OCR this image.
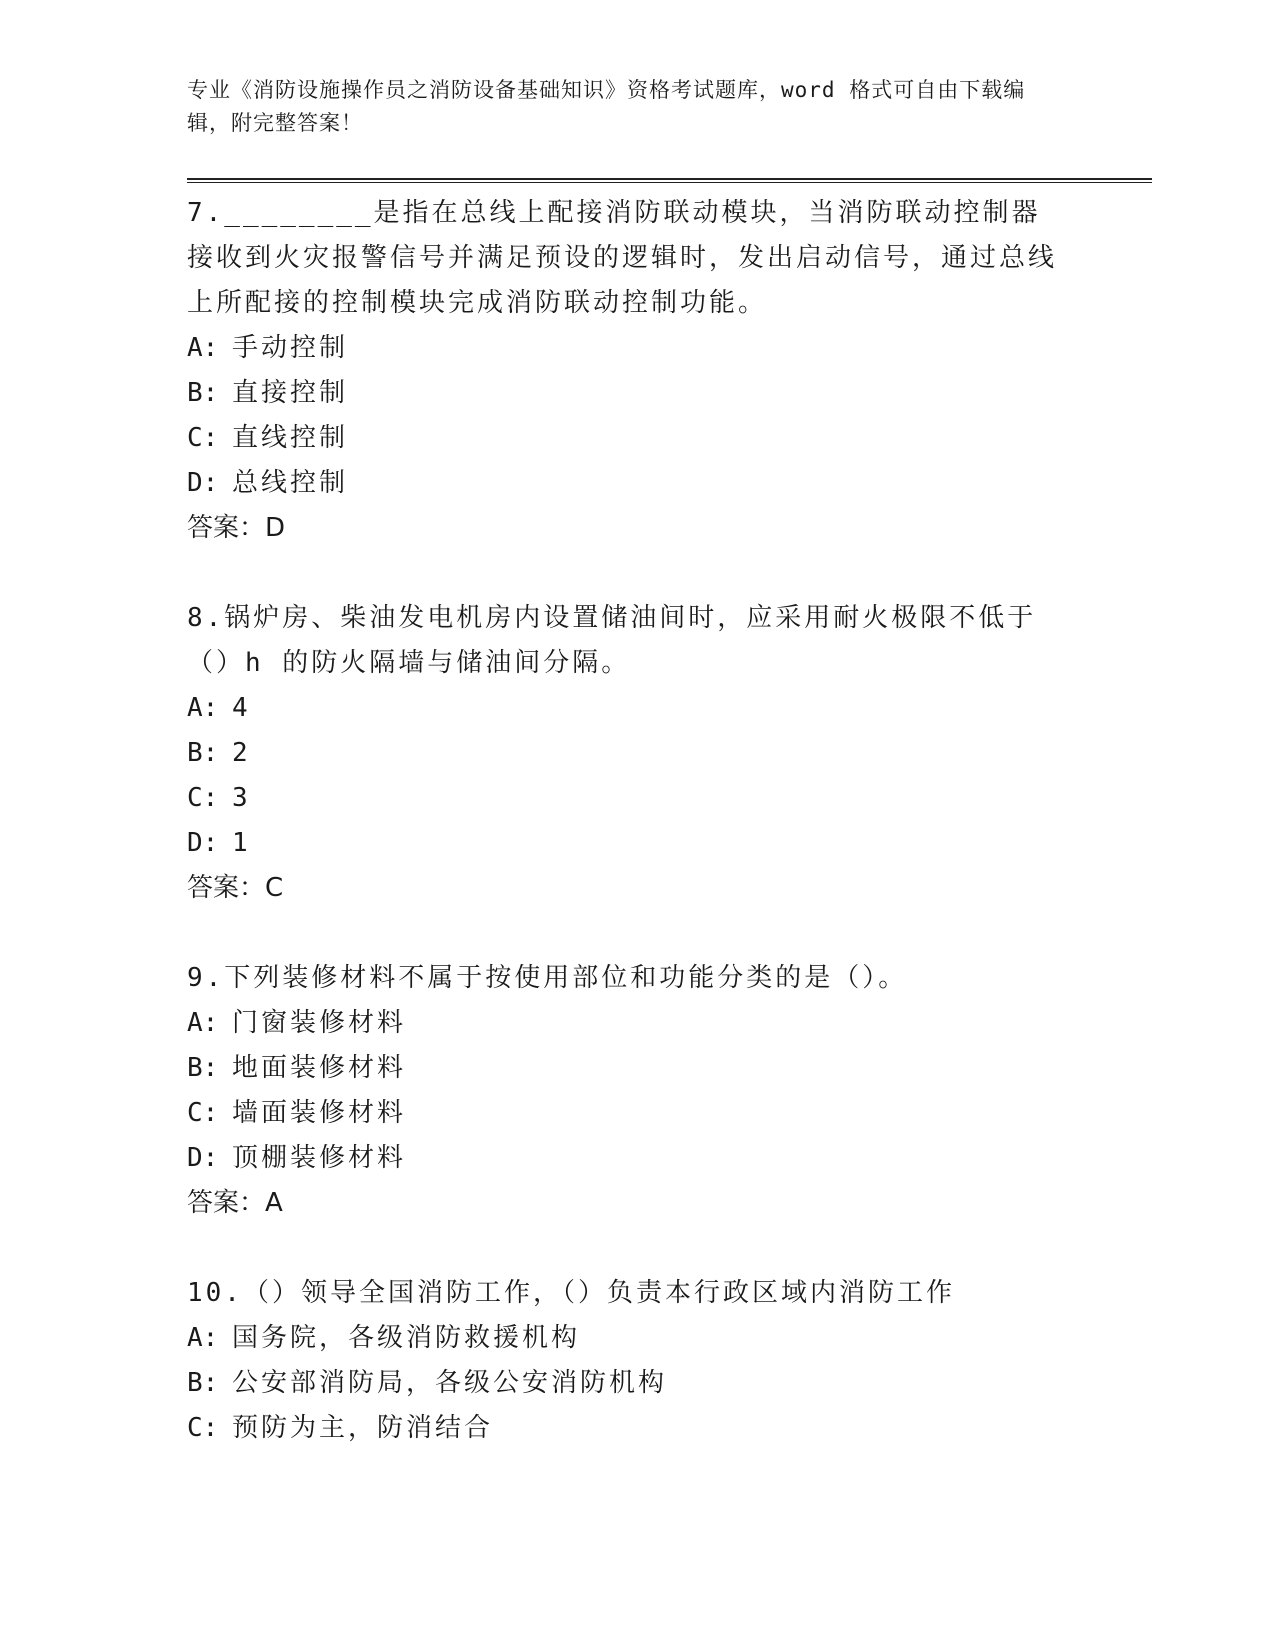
专业《消防设施操作员之消防设备基础知识》资格考试题库，word 格式可自由下载编辑，附完整答案！
7.________是指在总线上配接消防联动模块，当消防联动控制器接收到火灾报警信号并满足预设的逻辑时，发出启动信号，通过总线上所配接的控制模块完成消防联动控制功能。
A: 手动控制
B: 直接控制
C: 直线控制
D: 总线控制
答案：D
8.锅炉房、柴油发电机房内设置储油间时，应采用耐火极限不低于（）h 的防火隔墙与储油间分隔。
A: 4
B: 2
C: 3
D: 1
答案：C
9.下列装修材料不属于按使用部位和功能分类的是（）。
A: 门窗装修材料
B: 地面装修材料
C: 墙面装修材料
D: 顶棚装修材料
答案：A
10.（）领导全国消防工作，（）负责本行政区域内消防工作
A: 国务院，各级消防救援机构
B: 公安部消防局，各级公安消防机构
C: 预防为主，防消结合
